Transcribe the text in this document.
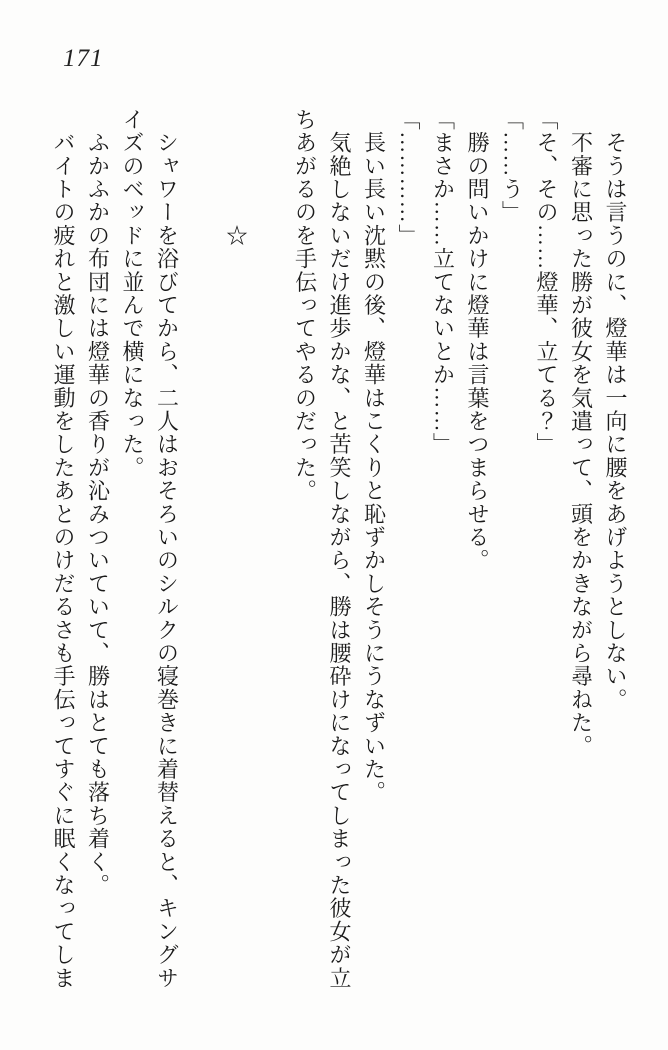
171
　そうは言うのに、燈華は一向に腰をあげようとしない。
　不審に思った勝が彼女を気遣って、頭をかきながら尋ねた。
「そ、その……燈華、立てる？」
「……う」
　勝の問いかけに燈華は言葉をつまらせる。
「まさか……立てないとか……」
「…………」
　長い長い沈黙の後、燈華はこくりと恥ずかしそうにうなずいた。
　気絶しないだけ進歩かな、と苦笑しながら、勝は腰砕けになってしまった彼女が立
ちあがるのを手伝ってやるのだった。

　　　　　☆

　シャワーを浴びてから、二人はおそろいのシルクの寝巻きに着替えると、キングサ
イズのベッドに並んで横になった。
　ふかふかの布団には燈華の香りが沁みついていて、勝はとても落ち着く。
　バイトの疲れと激しい運動をしたあとのけだるさも手伝ってすぐに眠くなってしま
